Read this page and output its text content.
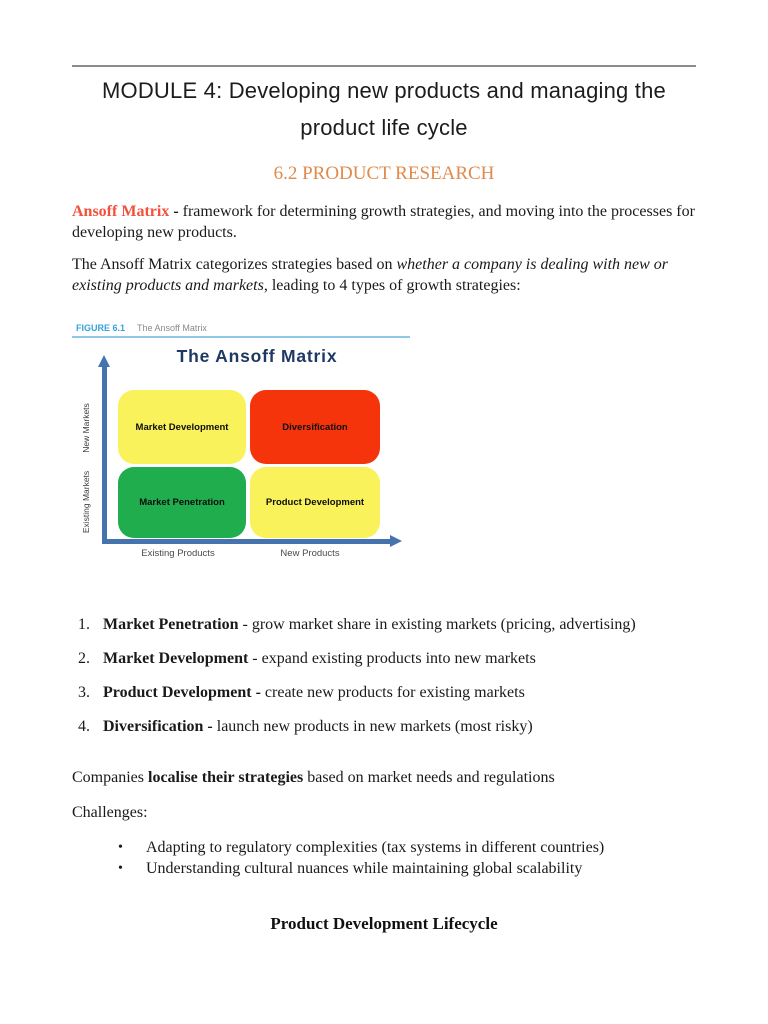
MODULE 4: Developing new products and managing the
product life cycle
6.2 PRODUCT RESEARCH

Ansoff Matrix - framework for determining growth strategies, and moving into the processes for developing new products.

The Ansoff Matrix categorizes strategies based on whether a company is dealing with new or existing products and markets, leading to 4 types of growth strategies:

FIGURE 6.1 The Ansoff Matrix
The Ansoff Matrix
Market Development	Diversification
Market Penetration	Product Development
New Markets
Existing Markets
Existing Products	New Products
1. Market Penetration - grow market share in existing markets (pricing, advertising)
2. Market Development - expand existing products into new markets
3. Product Development - create new products for existing markets
4. Diversification - launch new products in new markets (most risky)

Companies localise their strategies based on market needs and regulations

Challenges:

•	Adapting to regulatory complexities (tax systems in different countries)
•	Understanding cultural nuances while maintaining global scalability
Product Development Lifecycle
